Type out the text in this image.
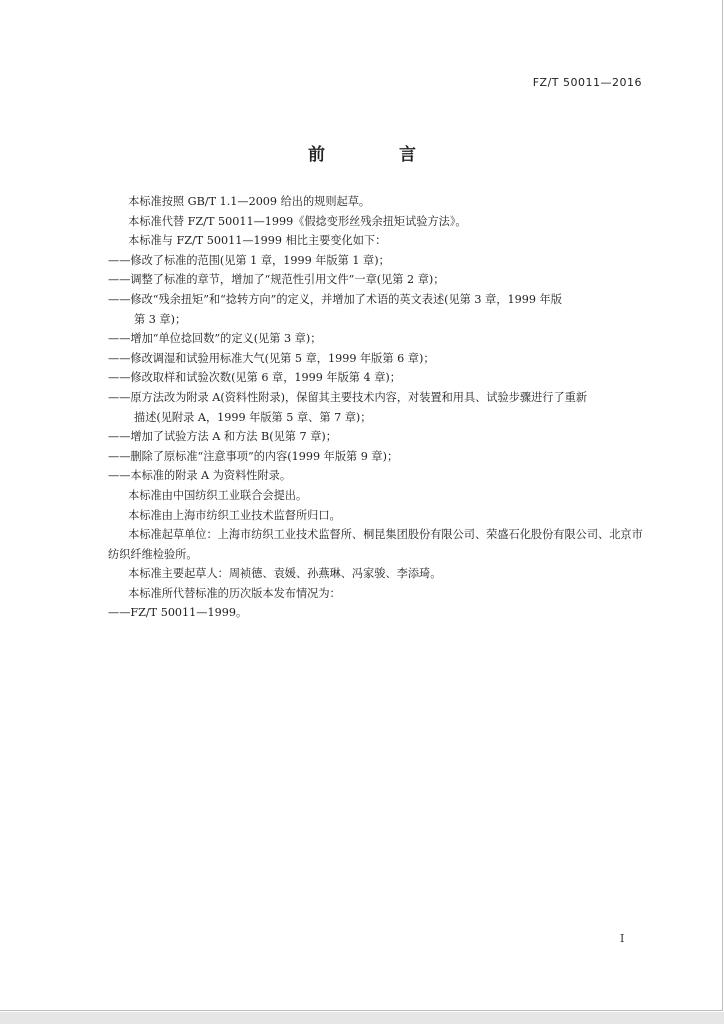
FZ/T 50011—2016
前 言

本标准按照 GB/T 1.1—2009 给出的规则起草。

本标准代替 FZ/T 50011—1999《假捻变形丝残余扭矩试验方法》。

本标准与 FZ/T 50011—1999 相比主要变化如下：

——修改了标准的范围(见第 1 章，1999 年版第 1 章)；

——调整了标准的章节，增加了“规范性引用文件”一章(见第 2 章)；

——修改“残余扭矩”和“捻转方向”的定义，并增加了术语的英文表述(见第 3 章，1999 年版

第 3 章)；

——增加“单位捻回数”的定义(见第 3 章)；

——修改调湿和试验用标准大气(见第 5 章，1999 年版第 6 章)；

——修改取样和试验次数(见第 6 章，1999 年版第 4 章)；

——原方法改为附录 A(资料性附录)，保留其主要技术内容，对装置和用具、试验步骤进行了重新

描述(见附录 A，1999 年版第 5 章、第 7 章)；

——增加了试验方法 A 和方法 B(见第 7 章)；

——删除了原标准“注意事项”的内容(1999 年版第 9 章)；

——本标准的附录 A 为资料性附录。

本标准由中国纺织工业联合会提出。

本标准由上海市纺织工业技术监督所归口。

本标准起草单位：上海市纺织工业技术监督所、桐昆集团股份有限公司、荣盛石化股份有限公司、北京市纺织纤维检验所。

本标准主要起草人：周祯德、袁媛、孙燕琳、冯家骏、李添琦。

本标准所代替标准的历次版本发布情况为：

——FZ/T 50011—1999。

I
